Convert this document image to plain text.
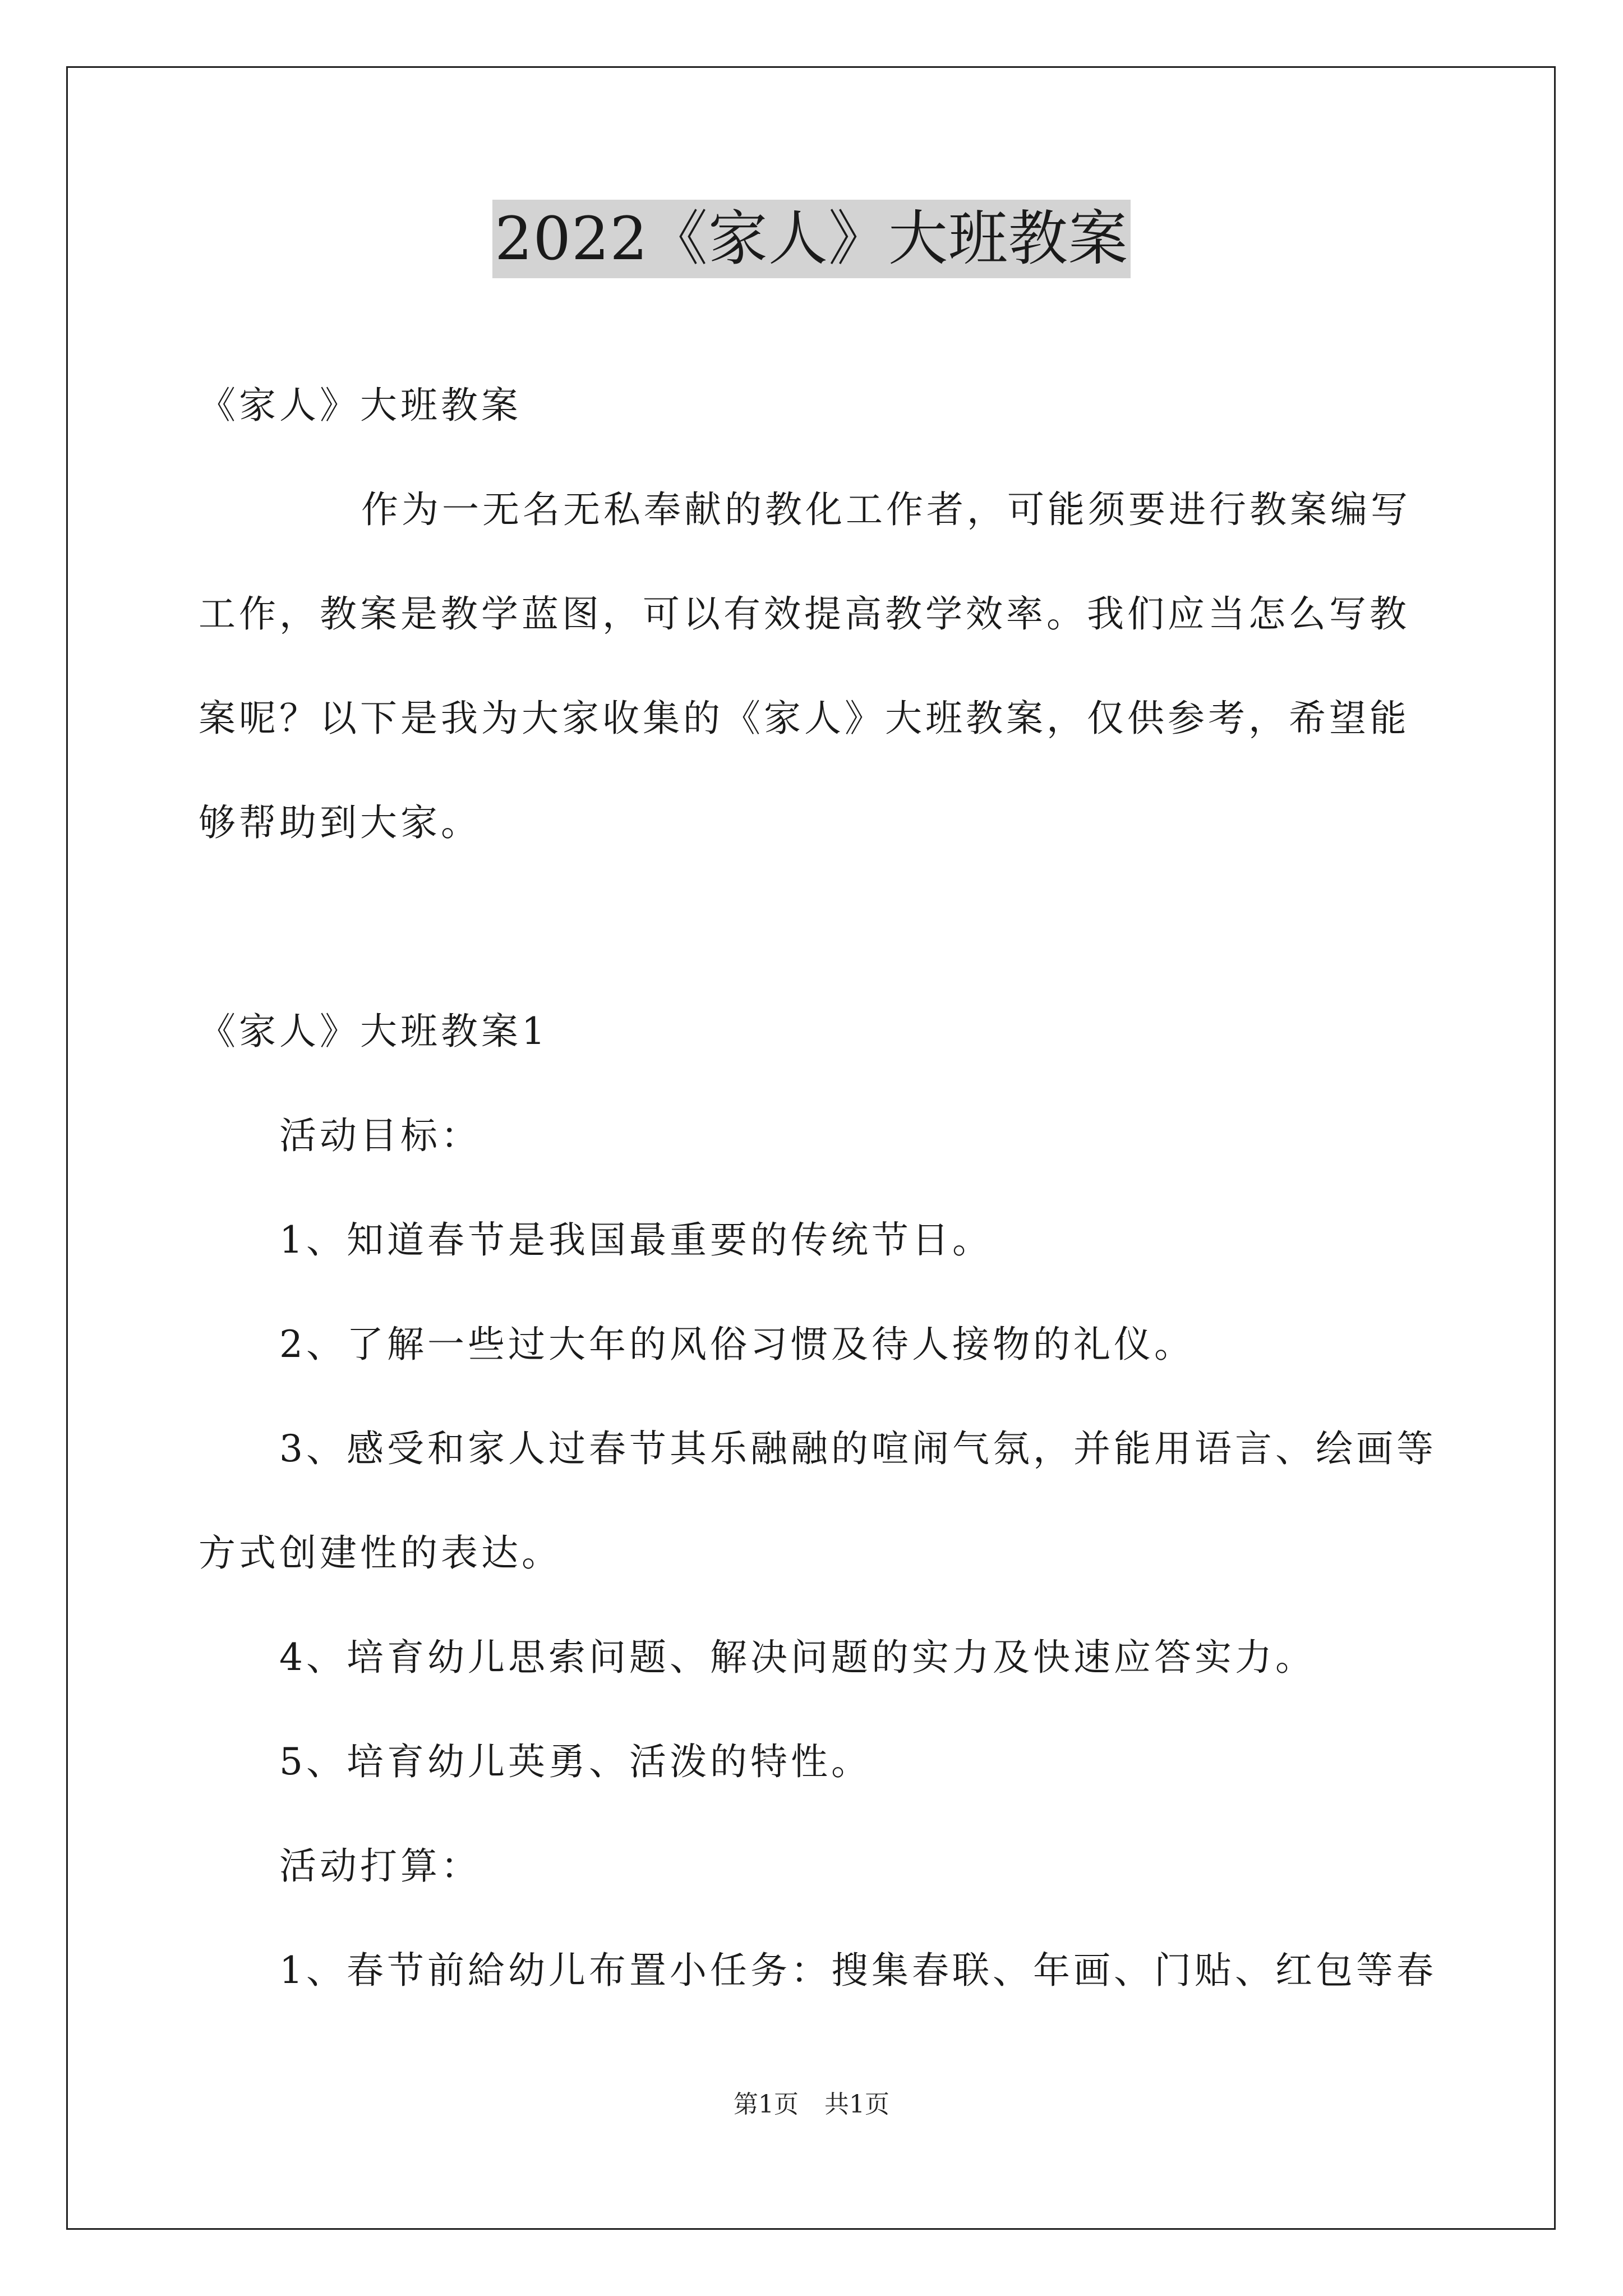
2022《家人》大班教案
《家人》大班教案
作为一无名无私奉献的教化工作者，可能须要进行教案编写
工作，教案是教学蓝图，可以有效提高教学效率。我们应当怎么写教
案呢？以下是我为大家收集的《家人》大班教案，仅供参考，希望能
够帮助到大家。
《家人》大班教案1
活动目标：
1、知道春节是我国最重要的传统节日。
2、了解一些过大年的风俗习惯及待人接物的礼仪。
3、感受和家人过春节其乐融融的喧闹气氛，并能用语言、绘画等
方式创建性的表达。
4、培育幼儿思索问题、解决问题的实力及快速应答实力。
5、培育幼儿英勇、活泼的特性。
活动打算：
1、春节前給幼儿布置小任务：搜集春联、年画、门贴、红包等春
第1页 共1页
